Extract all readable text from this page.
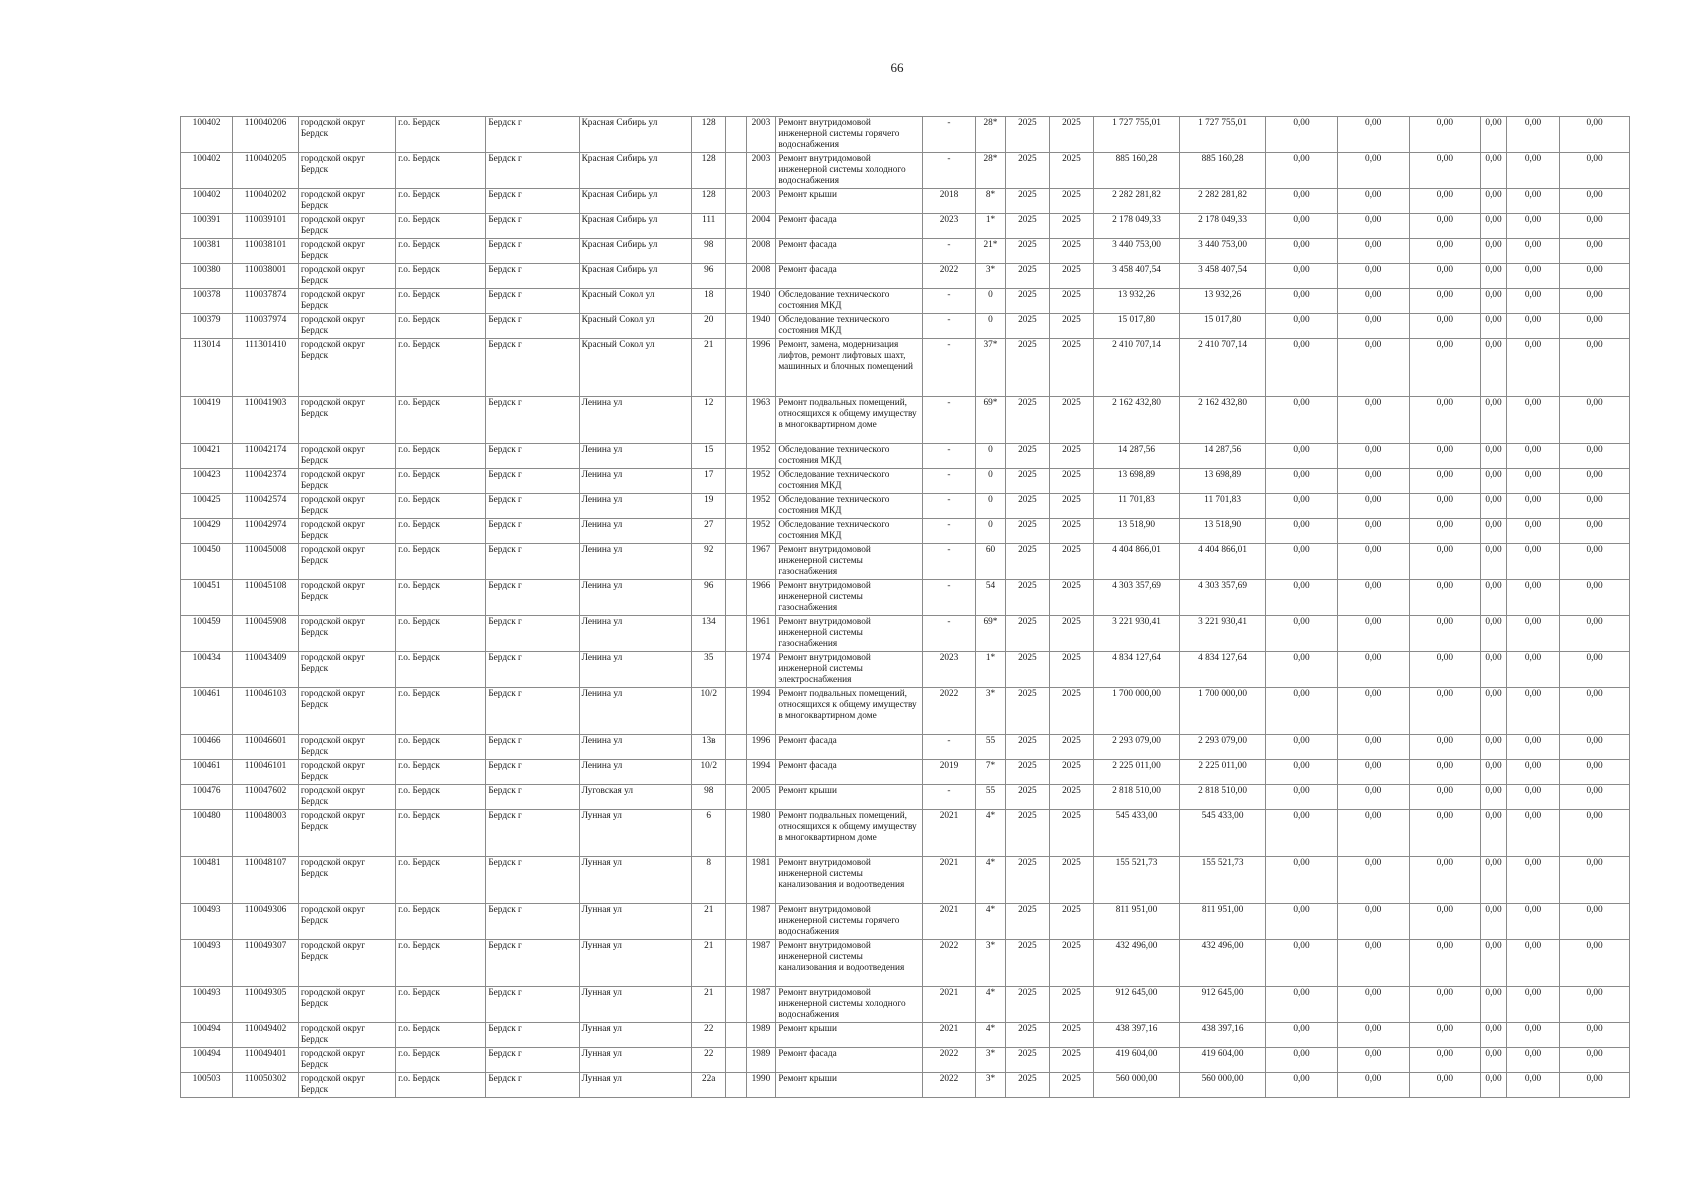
66
100402	110040206	городской округ Бердск	г.о. Бердск	Бердск г	Красная Сибирь ул	128		2003	Ремонт внутридомовой инженерной системы горячего водоснабжения	-	28*	2025	2025	1 727 755,01	1 727 755,01	0,00	0,00	0,00	0,00	0,00	0,00
100402	110040205	городской округ Бердск	г.о. Бердск	Бердск г	Красная Сибирь ул	128		2003	Ремонт внутридомовой инженерной системы холодного водоснабжения	-	28*	2025	2025	885 160,28	885 160,28	0,00	0,00	0,00	0,00	0,00	0,00
100402	110040202	городской округ Бердск	г.о. Бердск	Бердск г	Красная Сибирь ул	128		2003	Ремонт крыши	2018	8*	2025	2025	2 282 281,82	2 282 281,82	0,00	0,00	0,00	0,00	0,00	0,00
100391	110039101	городской округ Бердск	г.о. Бердск	Бердск г	Красная Сибирь ул	111		2004	Ремонт фасада	2023	1*	2025	2025	2 178 049,33	2 178 049,33	0,00	0,00	0,00	0,00	0,00	0,00
100381	110038101	городской округ Бердск	г.о. Бердск	Бердск г	Красная Сибирь ул	98		2008	Ремонт фасада	-	21*	2025	2025	3 440 753,00	3 440 753,00	0,00	0,00	0,00	0,00	0,00	0,00
100380	110038001	городской округ Бердск	г.о. Бердск	Бердск г	Красная Сибирь ул	96		2008	Ремонт фасада	2022	3*	2025	2025	3 458 407,54	3 458 407,54	0,00	0,00	0,00	0,00	0,00	0,00
100378	110037874	городской округ Бердск	г.о. Бердск	Бердск г	Красный Сокол ул	18		1940	Обследование технического состояния МКД	-	0	2025	2025	13 932,26	13 932,26	0,00	0,00	0,00	0,00	0,00	0,00
100379	110037974	городской округ Бердск	г.о. Бердск	Бердск г	Красный Сокол ул	20		1940	Обследование технического состояния МКД	-	0	2025	2025	15 017,80	15 017,80	0,00	0,00	0,00	0,00	0,00	0,00
113014	111301410	городской округ Бердск	г.о. Бердск	Бердск г	Красный Сокол ул	21		1996	Ремонт, замена, модернизация лифтов, ремонт лифтовых шахт, машинных и блочных помещений	-	37*	2025	2025	2 410 707,14	2 410 707,14	0,00	0,00	0,00	0,00	0,00	0,00
100419	110041903	городской округ Бердск	г.о. Бердск	Бердск г	Ленина ул	12		1963	Ремонт подвальных помещений, относящихся к общему имуществу в многоквартирном доме	-	69*	2025	2025	2 162 432,80	2 162 432,80	0,00	0,00	0,00	0,00	0,00	0,00
100421	110042174	городской округ Бердск	г.о. Бердск	Бердск г	Ленина ул	15		1952	Обследование технического состояния МКД	-	0	2025	2025	14 287,56	14 287,56	0,00	0,00	0,00	0,00	0,00	0,00
100423	110042374	городской округ Бердск	г.о. Бердск	Бердск г	Ленина ул	17		1952	Обследование технического состояния МКД	-	0	2025	2025	13 698,89	13 698,89	0,00	0,00	0,00	0,00	0,00	0,00
100425	110042574	городской округ Бердск	г.о. Бердск	Бердск г	Ленина ул	19		1952	Обследование технического состояния МКД	-	0	2025	2025	11 701,83	11 701,83	0,00	0,00	0,00	0,00	0,00	0,00
100429	110042974	городской округ Бердск	г.о. Бердск	Бердск г	Ленина ул	27		1952	Обследование технического состояния МКД	-	0	2025	2025	13 518,90	13 518,90	0,00	0,00	0,00	0,00	0,00	0,00
100450	110045008	городской округ Бердск	г.о. Бердск	Бердск г	Ленина ул	92		1967	Ремонт внутридомовой инженерной системы газоснабжения	-	60	2025	2025	4 404 866,01	4 404 866,01	0,00	0,00	0,00	0,00	0,00	0,00
100451	110045108	городской округ Бердск	г.о. Бердск	Бердск г	Ленина ул	96		1966	Ремонт внутридомовой инженерной системы газоснабжения	-	54	2025	2025	4 303 357,69	4 303 357,69	0,00	0,00	0,00	0,00	0,00	0,00
100459	110045908	городской округ Бердск	г.о. Бердск	Бердск г	Ленина ул	134		1961	Ремонт внутридомовой инженерной системы газоснабжения	-	69*	2025	2025	3 221 930,41	3 221 930,41	0,00	0,00	0,00	0,00	0,00	0,00
100434	110043409	городской округ Бердск	г.о. Бердск	Бердск г	Ленина ул	35		1974	Ремонт внутридомовой инженерной системы электроснабжения	2023	1*	2025	2025	4 834 127,64	4 834 127,64	0,00	0,00	0,00	0,00	0,00	0,00
100461	110046103	городской округ Бердск	г.о. Бердск	Бердск г	Ленина ул	10/2		1994	Ремонт подвальных помещений, относящихся к общему имуществу в многоквартирном доме	2022	3*	2025	2025	1 700 000,00	1 700 000,00	0,00	0,00	0,00	0,00	0,00	0,00
100466	110046601	городской округ Бердск	г.о. Бердск	Бердск г	Ленина ул	13в		1996	Ремонт фасада	-	55	2025	2025	2 293 079,00	2 293 079,00	0,00	0,00	0,00	0,00	0,00	0,00
100461	110046101	городской округ Бердск	г.о. Бердск	Бердск г	Ленина ул	10/2		1994	Ремонт фасада	2019	7*	2025	2025	2 225 011,00	2 225 011,00	0,00	0,00	0,00	0,00	0,00	0,00
100476	110047602	городской округ Бердск	г.о. Бердск	Бердск г	Луговская ул	98		2005	Ремонт крыши	-	55	2025	2025	2 818 510,00	2 818 510,00	0,00	0,00	0,00	0,00	0,00	0,00
100480	110048003	городской округ Бердск	г.о. Бердск	Бердск г	Лунная ул	6		1980	Ремонт подвальных помещений, относящихся к общему имуществу в многоквартирном доме	2021	4*	2025	2025	545 433,00	545 433,00	0,00	0,00	0,00	0,00	0,00	0,00
100481	110048107	городской округ Бердск	г.о. Бердск	Бердск г	Лунная ул	8		1981	Ремонт внутридомовой инженерной системы канализования и водоотведения	2021	4*	2025	2025	155 521,73	155 521,73	0,00	0,00	0,00	0,00	0,00	0,00
100493	110049306	городской округ Бердск	г.о. Бердск	Бердск г	Лунная ул	21		1987	Ремонт внутридомовой инженерной системы горячего водоснабжения	2021	4*	2025	2025	811 951,00	811 951,00	0,00	0,00	0,00	0,00	0,00	0,00
100493	110049307	городской округ Бердск	г.о. Бердск	Бердск г	Лунная ул	21		1987	Ремонт внутридомовой инженерной системы канализования и водоотведения	2022	3*	2025	2025	432 496,00	432 496,00	0,00	0,00	0,00	0,00	0,00	0,00
100493	110049305	городской округ Бердск	г.о. Бердск	Бердск г	Лунная ул	21		1987	Ремонт внутридомовой инженерной системы холодного водоснабжения	2021	4*	2025	2025	912 645,00	912 645,00	0,00	0,00	0,00	0,00	0,00	0,00
100494	110049402	городской округ Бердск	г.о. Бердск	Бердск г	Лунная ул	22		1989	Ремонт крыши	2021	4*	2025	2025	438 397,16	438 397,16	0,00	0,00	0,00	0,00	0,00	0,00
100494	110049401	городской округ Бердск	г.о. Бердск	Бердск г	Лунная ул	22		1989	Ремонт фасада	2022	3*	2025	2025	419 604,00	419 604,00	0,00	0,00	0,00	0,00	0,00	0,00
100503	110050302	городской округ Бердск	г.о. Бердск	Бердск г	Лунная ул	22а		1990	Ремонт крыши	2022	3*	2025	2025	560 000,00	560 000,00	0,00	0,00	0,00	0,00	0,00	0,00
